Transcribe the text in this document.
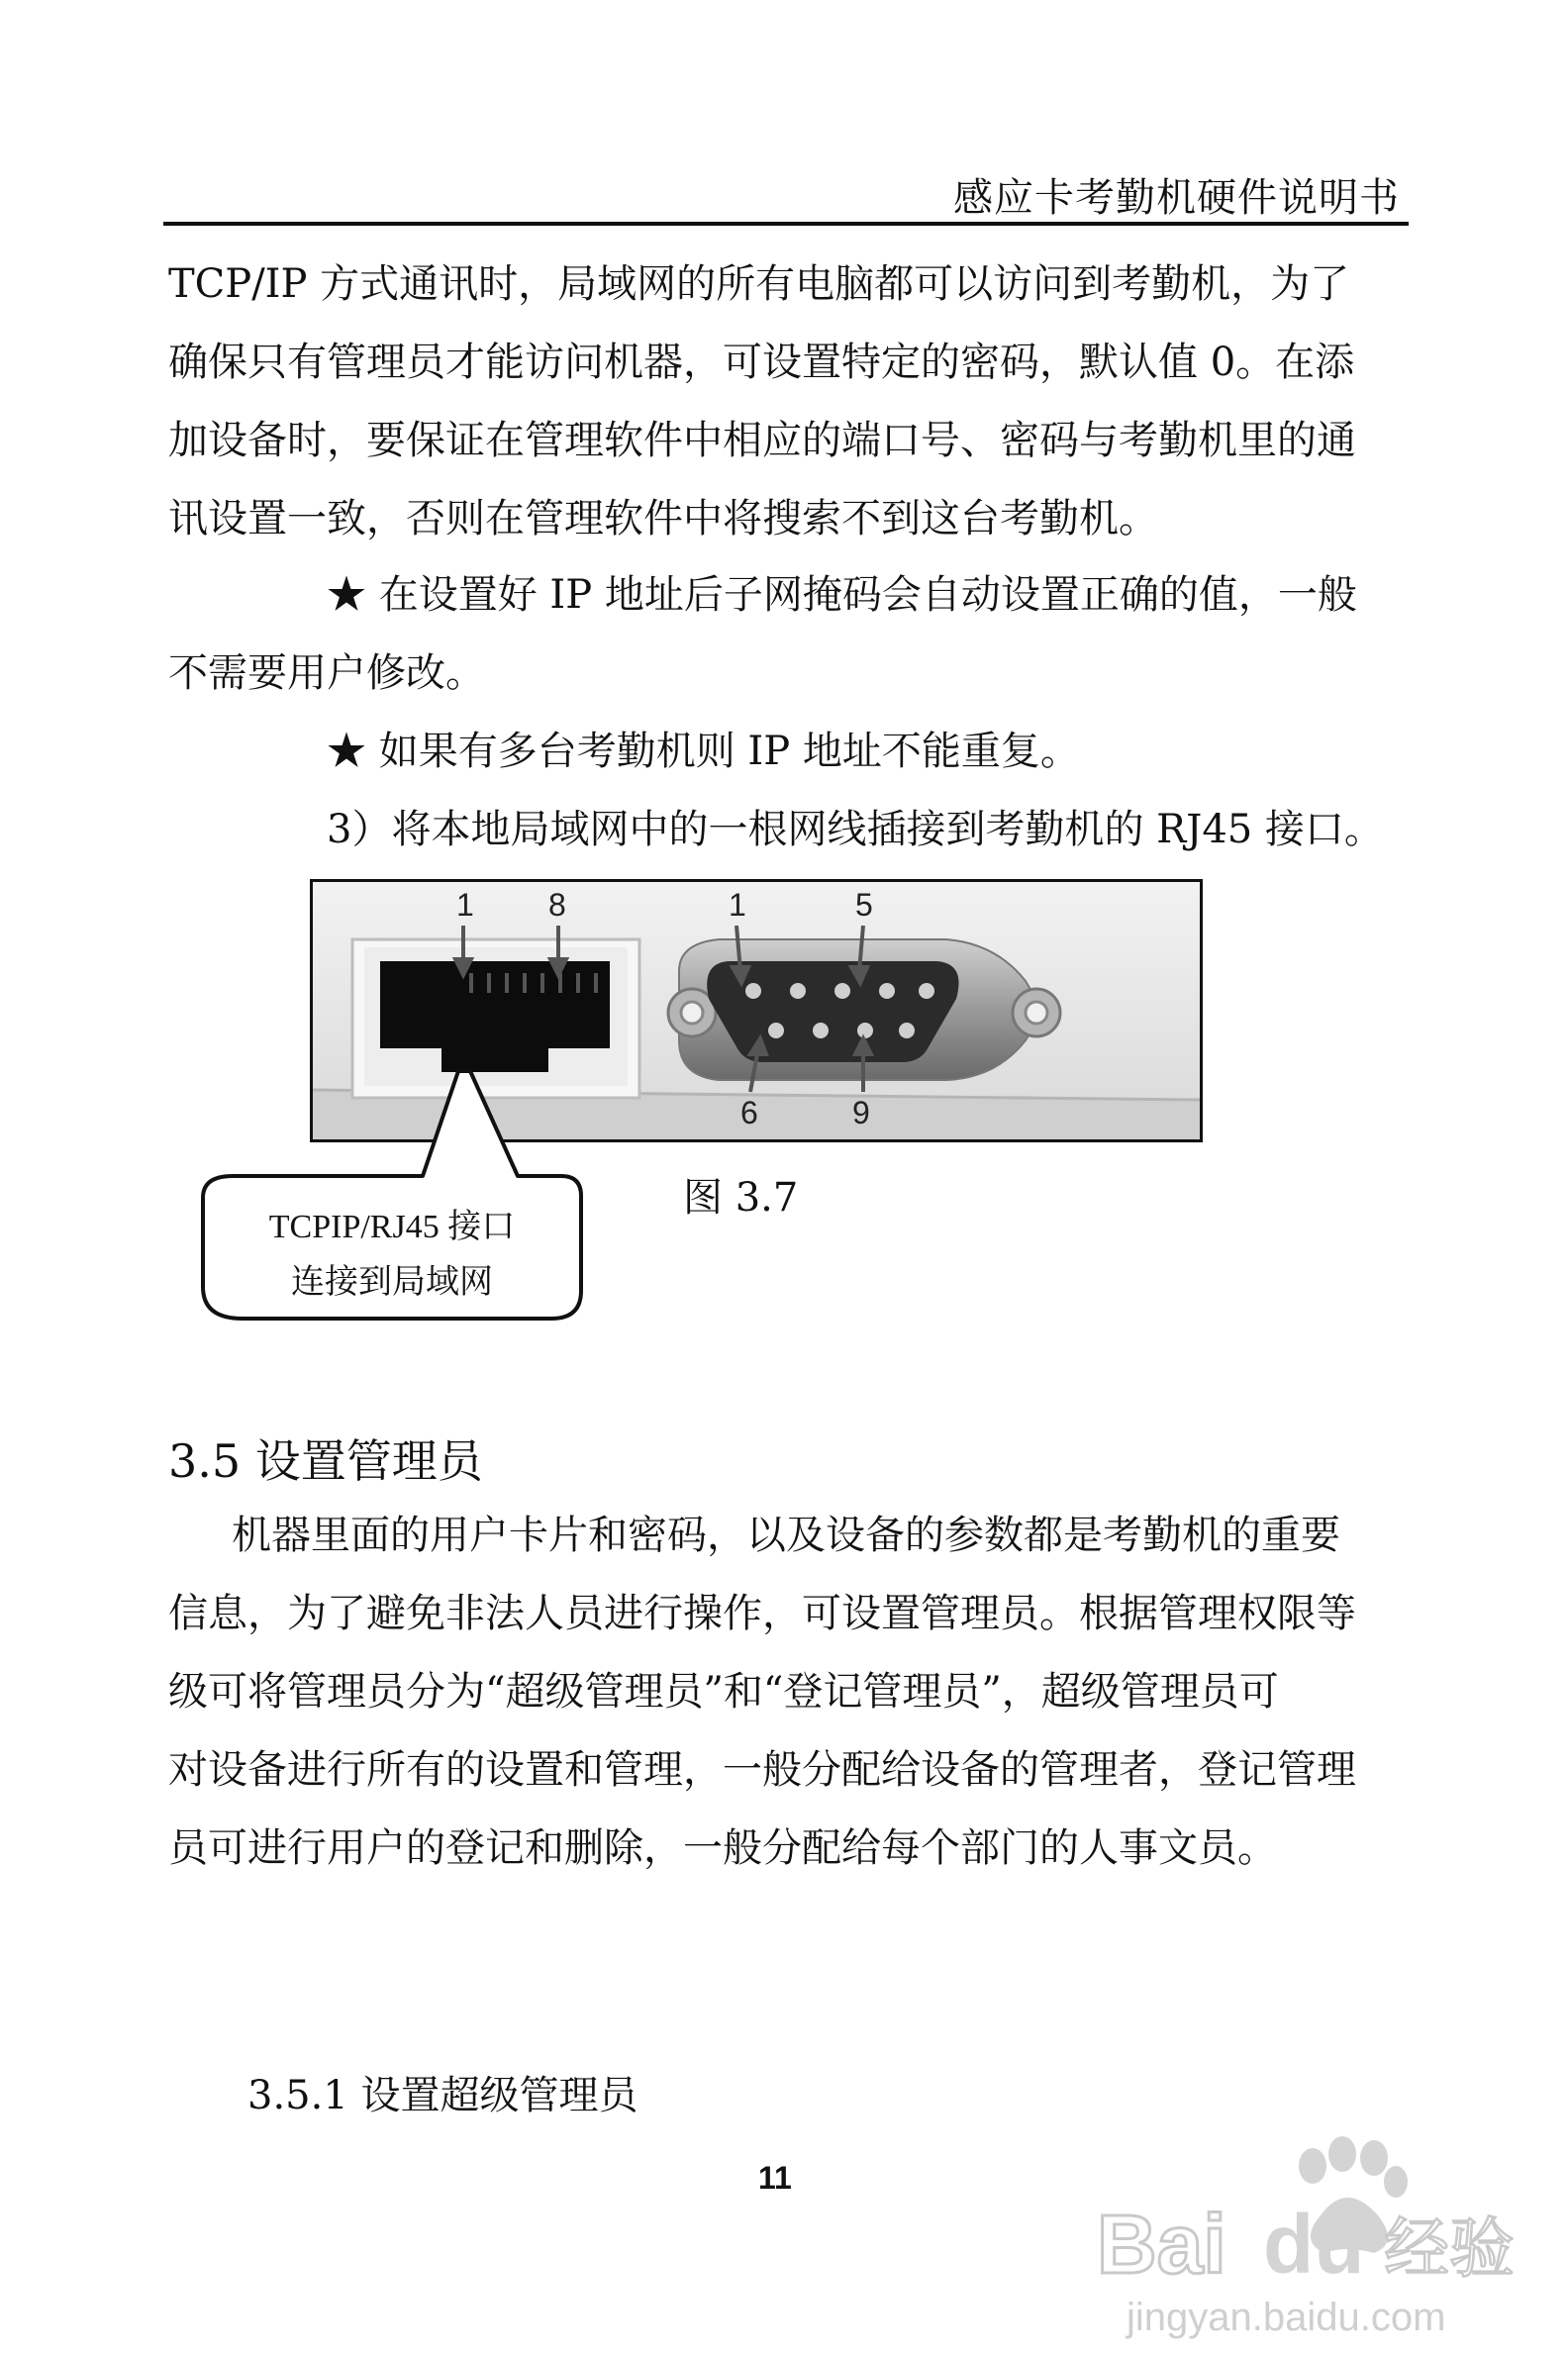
感应卡考勤机硬件说明书

TCP/IP 方式通讯时，局域网的所有电脑都可以访问到考勤机，为了
确保只有管理员才能访问机器，可设置特定的密码，默认值 0。在添
加设备时，要保证在管理软件中相应的端口号、密码与考勤机里的通
讯设置一致，否则在管理软件中将搜索不到这台考勤机。

★ 在设置好 IP 地址后子网掩码会自动设置正确的值，一般
不需要用户修改。
★ 如果有多台考勤机则 IP 地址不能重复。
3）将本地局域网中的一根网线插接到考勤机的 RJ45 接口。
1 8	1	5
6	9
TCPIP/RJ45 接口
连接到局域网
图 3.7
3.5 设置管理员

机器里面的用户卡片和密码，以及设备的参数都是考勤机的重要
信息，为了避免非法人员进行操作，可设置管理员。根据管理权限等
级可将管理员分为“超级管理员”和“登记管理员”，超级管理员可
对设备进行所有的设置和管理，一般分配给设备的管理者，登记管理
员可进行用户的登记和删除，一般分配给每个部门的人事文员。

3.5.1 设置超级管理员
11
Bai du 经验
jingyan.baidu.com
